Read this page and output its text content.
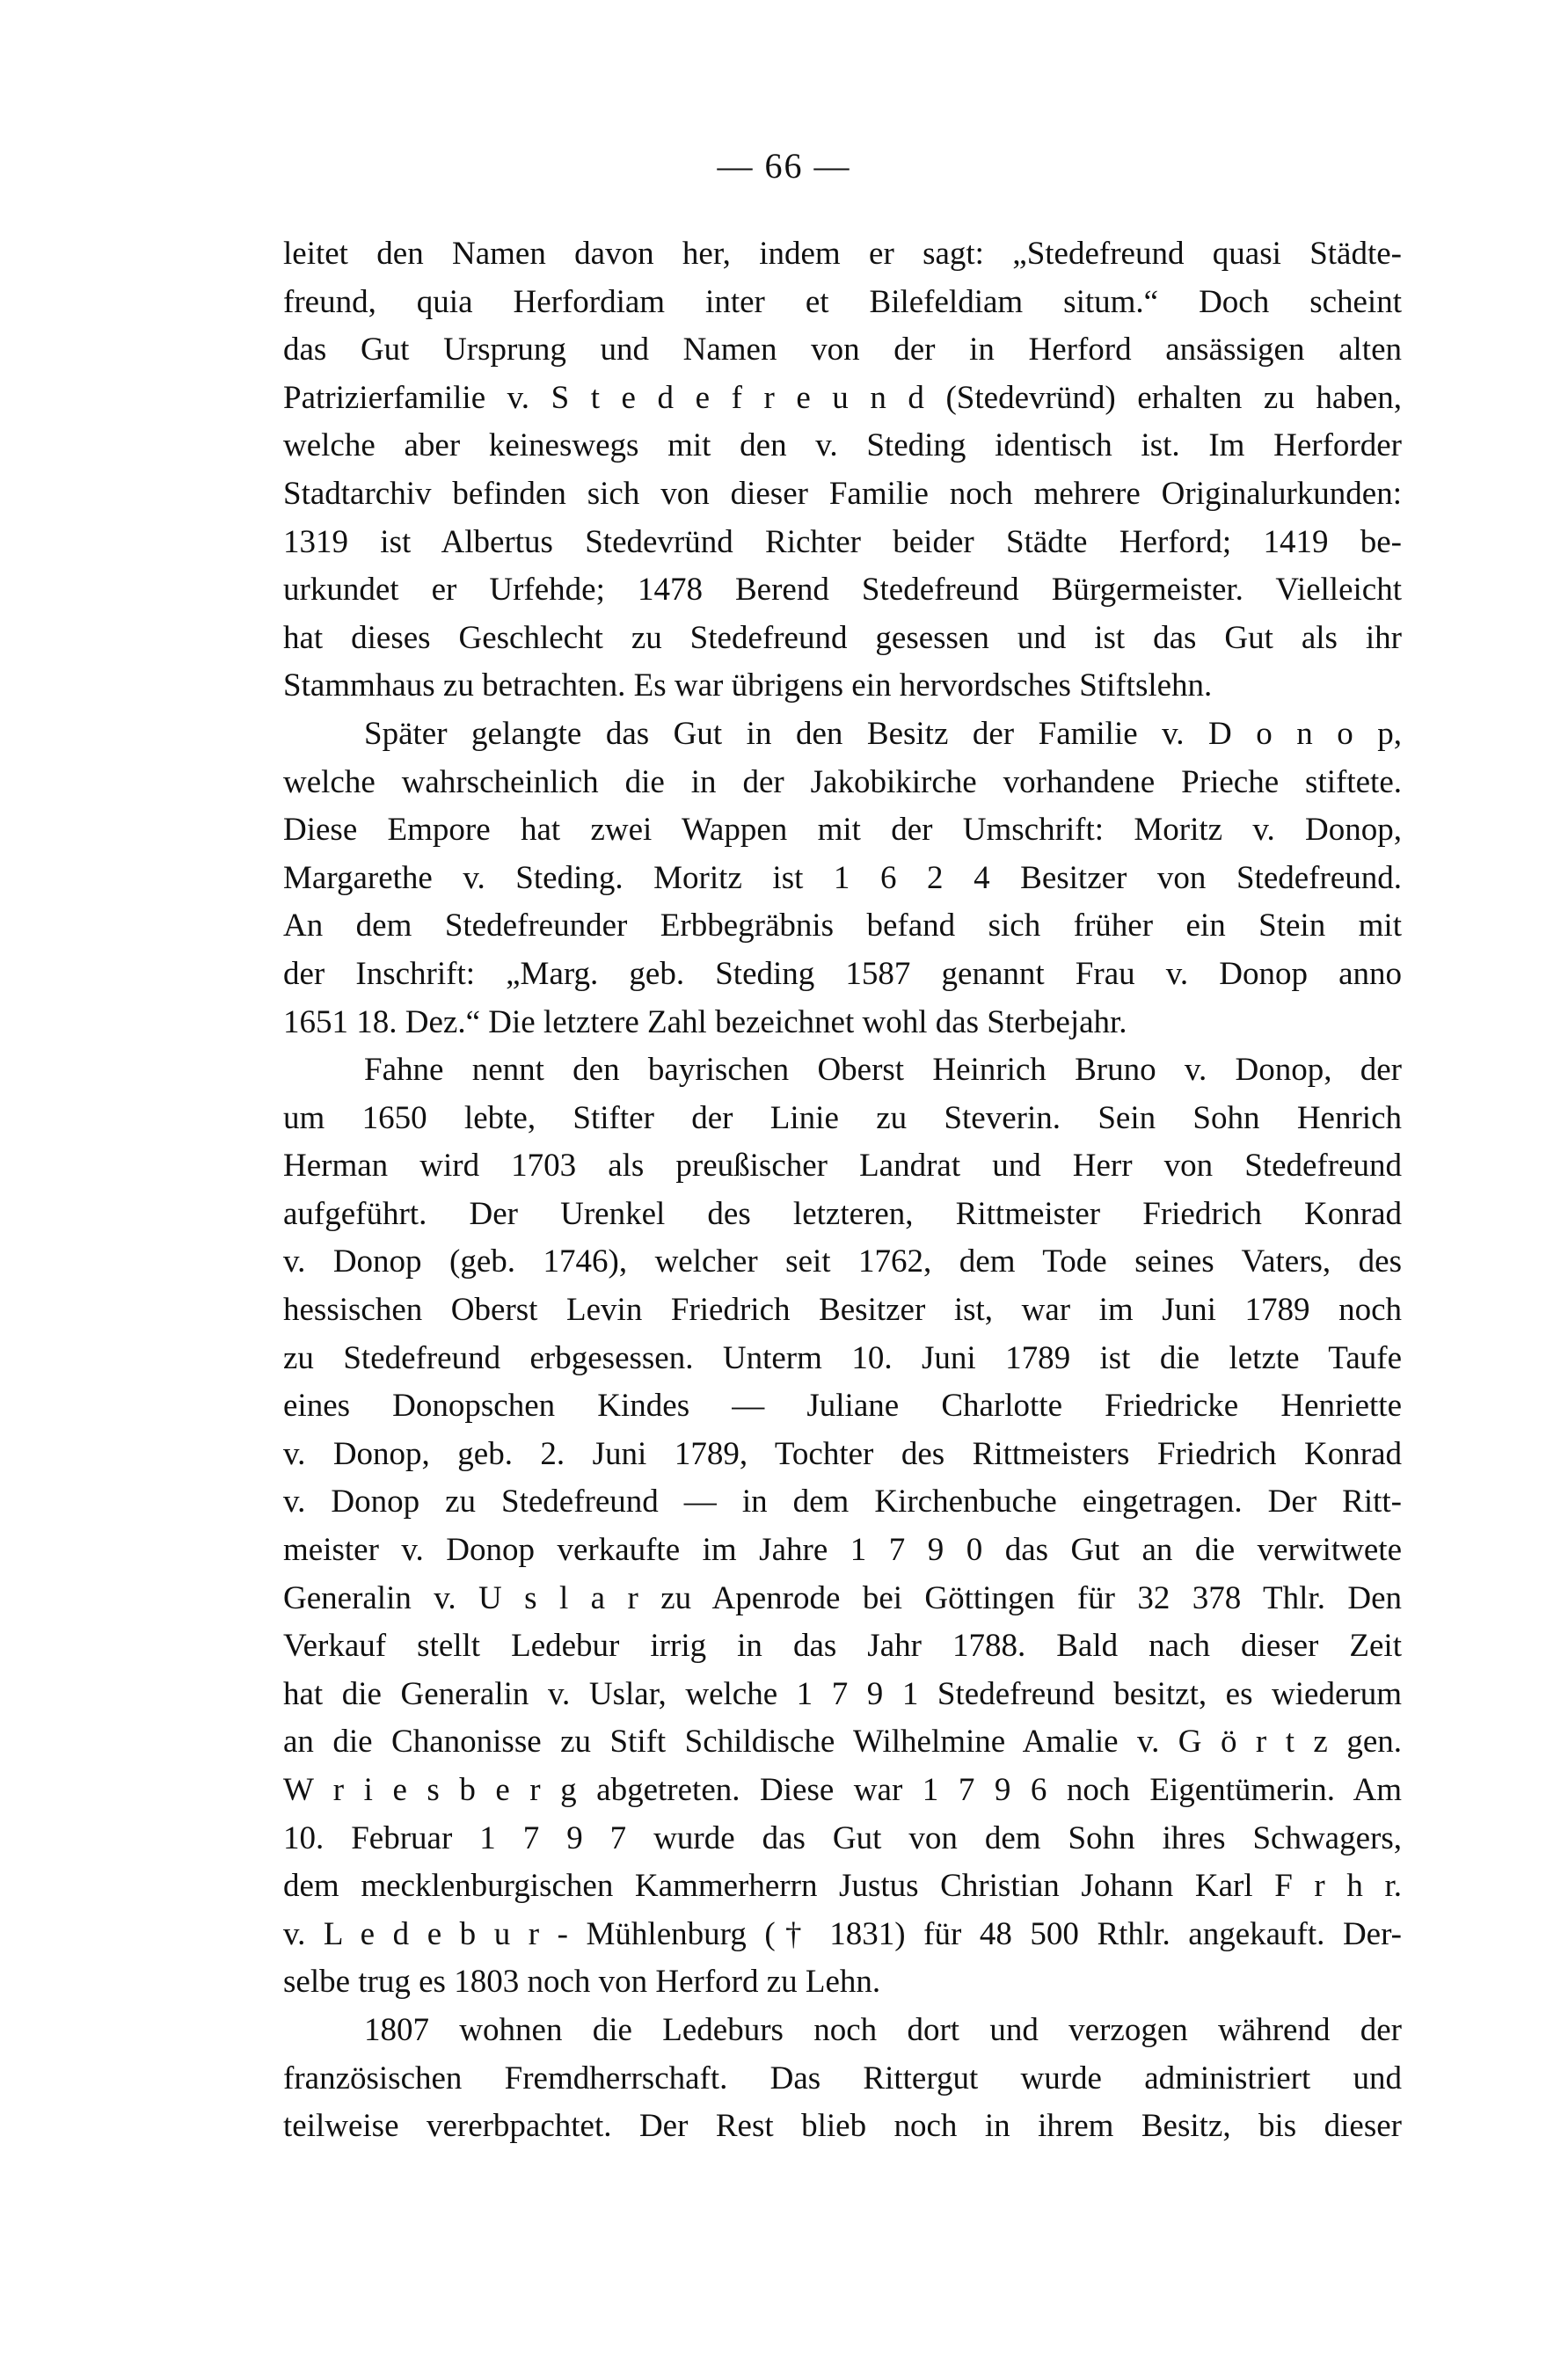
— 66 —
leitet den Namen davon her, indem er sagt: „Stedefreund quasi Städte-
freund, quia Herfordiam inter et Bilefeldiam situm.“ Doch scheint
das Gut Ursprung und Namen von der in Herford ansässigen alten
Patrizierfamilie v. S t e d e f r e u n d (Stedevründ) erhalten zu haben,
welche aber keineswegs mit den v. Steding identisch ist. Im Herforder
Stadtarchiv befinden sich von dieser Familie noch mehrere Originalurkunden:
1319 ist Albertus Stedevründ Richter beider Städte Herford; 1419 be-
urkundet er Urfehde; 1478 Berend Stedefreund Bürgermeister. Vielleicht
hat dieses Geschlecht zu Stedefreund gesessen und ist das Gut als ihr
Stammhaus zu betrachten. Es war übrigens ein hervordsches Stiftslehn.
Später gelangte das Gut in den Besitz der Familie v. D o n o p,
welche wahrscheinlich die in der Jakobikirche vorhandene Prieche stiftete.
Diese Empore hat zwei Wappen mit der Umschrift: Moritz v. Donop,
Margarethe v. Steding. Moritz ist 1 6 2 4 Besitzer von Stedefreund.
An dem Stedefreunder Erbbegräbnis befand sich früher ein Stein mit
der Inschrift: „Marg. geb. Steding 1587 genannt Frau v. Donop anno
1651 18. Dez.“ Die letztere Zahl bezeichnet wohl das Sterbejahr.
Fahne nennt den bayrischen Oberst Heinrich Bruno v. Donop, der
um 1650 lebte, Stifter der Linie zu Steverin. Sein Sohn Henrich
Herman wird 1703 als preußischer Landrat und Herr von Stedefreund
aufgeführt. Der Urenkel des letzteren, Rittmeister Friedrich Konrad
v. Donop (geb. 1746), welcher seit 1762, dem Tode seines Vaters, des
hessischen Oberst Levin Friedrich Besitzer ist, war im Juni 1789 noch
zu Stedefreund erbgesessen. Unterm 10. Juni 1789 ist die letzte Taufe
eines Donopschen Kindes — Juliane Charlotte Friedricke Henriette
v. Donop, geb. 2. Juni 1789, Tochter des Rittmeisters Friedrich Konrad
v. Donop zu Stedefreund — in dem Kirchenbuche eingetragen. Der Ritt-
meister v. Donop verkaufte im Jahre 1 7 9 0 das Gut an die verwitwete
Generalin v. U s l a r zu Apenrode bei Göttingen für 32 378 Thlr. Den
Verkauf stellt Ledebur irrig in das Jahr 1788. Bald nach dieser Zeit
hat die Generalin v. Uslar, welche 1 7 9 1 Stedefreund besitzt, es wiederum
an die Chanonisse zu Stift Schildische Wilhelmine Amalie v. G ö r t z gen.
W r i e s b e r g abgetreten. Diese war 1 7 9 6 noch Eigentümerin. Am
10. Februar 1 7 9 7 wurde das Gut von dem Sohn ihres Schwagers,
dem mecklenburgischen Kammerherrn Justus Christian Johann Karl F r h r.
v. L e d e b u r - Mühlenburg († 1831) für 48 500 Rthlr. angekauft. Der-
selbe trug es 1803 noch von Herford zu Lehn.
1807 wohnen die Ledeburs noch dort und verzogen während der
französischen Fremdherrschaft. Das Rittergut wurde administriert und
teilweise vererbpachtet. Der Rest blieb noch in ihrem Besitz, bis dieser
